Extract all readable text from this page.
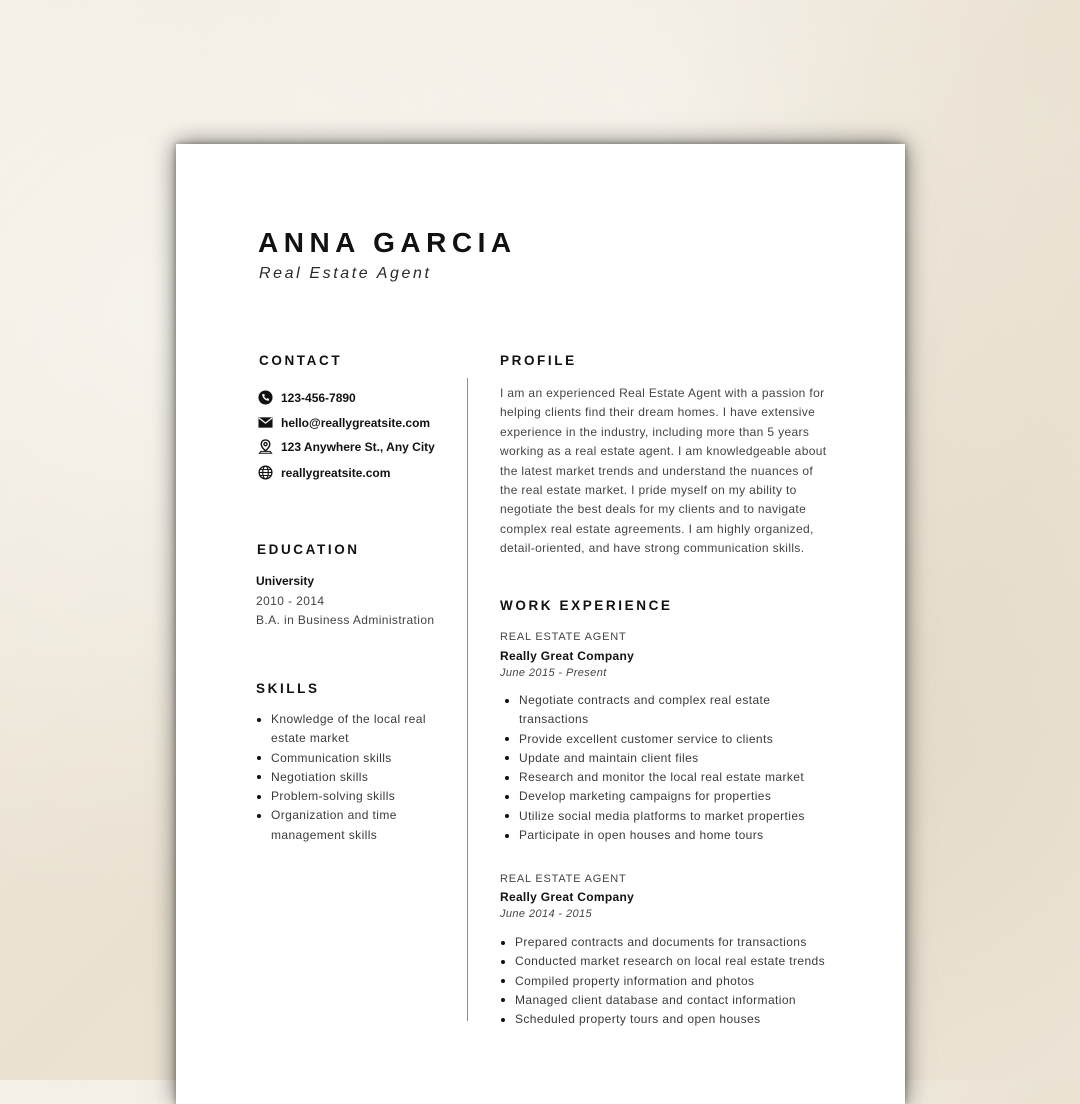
ANNA GARCIA
Real Estate Agent
CONTACT
123-456-7890
hello@reallygreatsite.com
123 Anywhere St., Any City
reallygreatsite.com
EDUCATION
University
2010 - 2014
B.A. in Business Administration
SKILLS
Knowledge of the local real estate market
Communication skills
Negotiation skills
Problem-solving skills
Organization and time management skills
PROFILE
I am an experienced Real Estate Agent with a passion for helping clients find their dream homes. I have extensive experience in the industry, including more than 5 years working as a real estate agent. I am knowledgeable about the latest market trends and understand the nuances of the real estate market. I pride myself on my ability to negotiate the best deals for my clients and to navigate complex real estate agreements. I am highly organized, detail-oriented, and have strong communication skills.
WORK EXPERIENCE
REAL ESTATE AGENT
Really Great Company
June 2015 - Present
Negotiate contracts and complex real estate transactions
Provide excellent customer service to clients
Update and maintain client files
Research and monitor the local real estate market
Develop marketing campaigns for properties
Utilize social media platforms to market properties
Participate in open houses and home tours
REAL ESTATE AGENT
Really Great Company
June 2014 - 2015
Prepared contracts and documents for transactions
Conducted market research on local real estate trends
Compiled property information and photos
Managed client database and contact information
Scheduled property tours and open houses
